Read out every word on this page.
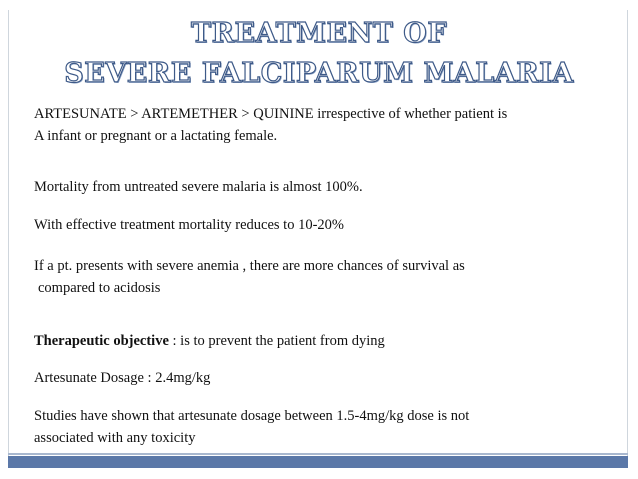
TREATMENT OF
SEVERE FALCIPARUM MALARIA
ARTESUNATE > ARTEMETHER > QUININE irrespective of whether patient is
A infant or pregnant or a lactating female.
Mortality from untreated severe malaria is almost 100%.
With effective treatment mortality reduces to 10-20%
If a pt. presents with severe anemia , there are more chances of survival as
compared to acidosis
Therapeutic objective : is to prevent the patient from dying
Artesunate Dosage : 2.4mg/kg
Studies have shown that artesunate dosage between 1.5-4mg/kg dose is not
associated with any toxicity
